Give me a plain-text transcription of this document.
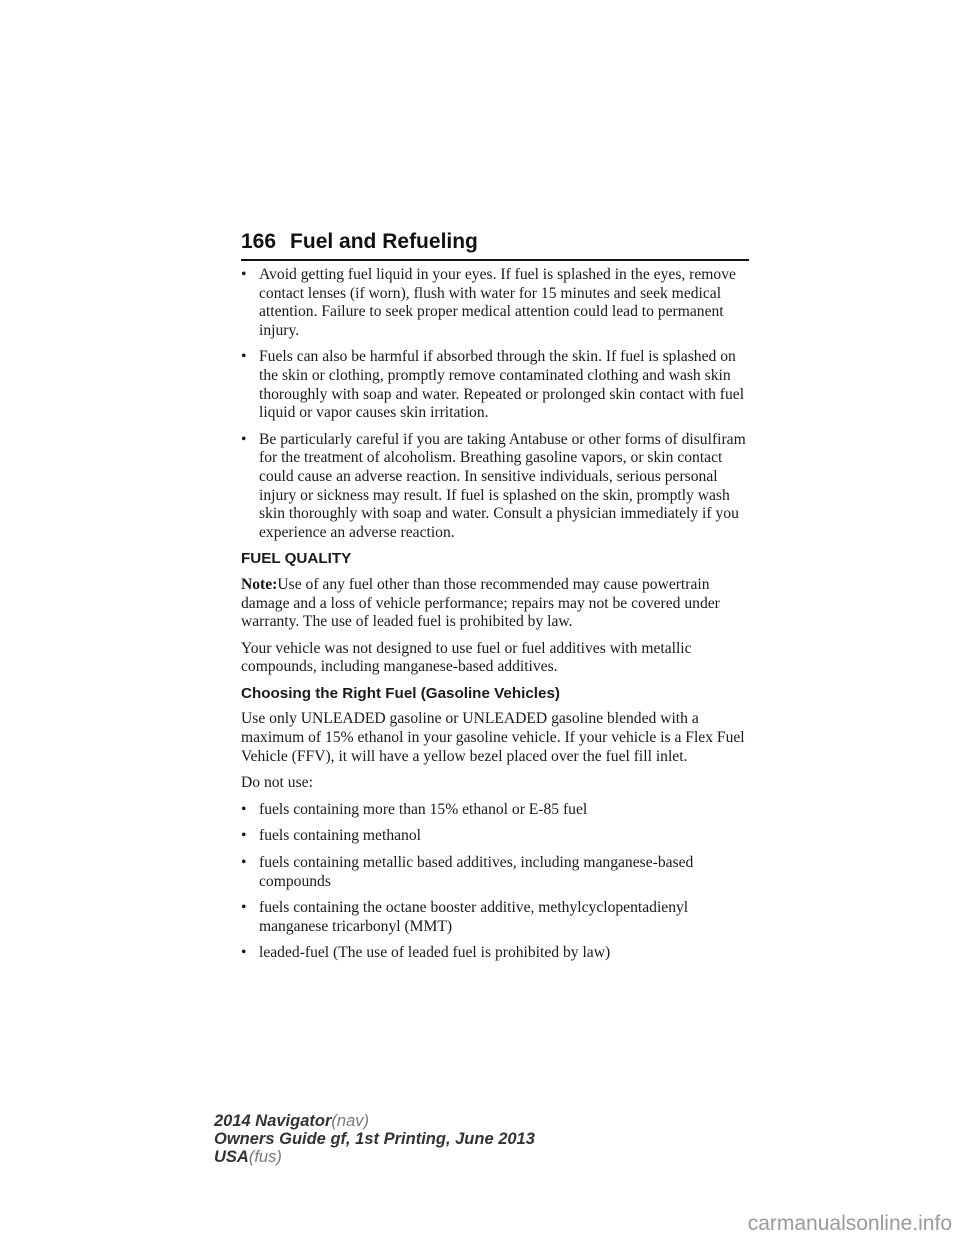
166 Fuel and Refueling
• Avoid getting fuel liquid in your eyes. If fuel is splashed in the eyes, remove contact lenses (if worn), flush with water for 15 minutes and seek medical attention. Failure to seek proper medical attention could lead to permanent injury.
• Fuels can also be harmful if absorbed through the skin. If fuel is splashed on the skin or clothing, promptly remove contaminated clothing and wash skin thoroughly with soap and water. Repeated or prolonged skin contact with fuel liquid or vapor causes skin irritation.
• Be particularly careful if you are taking Antabuse or other forms of disulfiram for the treatment of alcoholism. Breathing gasoline vapors, or skin contact could cause an adverse reaction. In sensitive individuals, serious personal injury or sickness may result. If fuel is splashed on the skin, promptly wash skin thoroughly with soap and water. Consult a physician immediately if you experience an adverse reaction.
FUEL QUALITY

Note:Use of any fuel other than those recommended may cause powertrain damage and a loss of vehicle performance; repairs may not be covered under warranty. The use of leaded fuel is prohibited by law.

Your vehicle was not designed to use fuel or fuel additives with metallic compounds, including manganese-based additives.

Choosing the Right Fuel (Gasoline Vehicles)

Use only UNLEADED gasoline or UNLEADED gasoline blended with a maximum of 15% ethanol in your gasoline vehicle. If your vehicle is a Flex Fuel Vehicle (FFV), it will have a yellow bezel placed over the fuel fill inlet.

Do not use:

• fuels containing more than 15% ethanol or E-85 fuel
• fuels containing methanol
• fuels containing metallic based additives, including manganese-based compounds
• fuels containing the octane booster additive, methylcyclopentadienyl manganese tricarbonyl (MMT)
• leaded-fuel (The use of leaded fuel is prohibited by law)
2014 Navigator(nav)
Owners Guide gf, 1st Printing, June 2013
USA(fus)
carmanualsonline.info
